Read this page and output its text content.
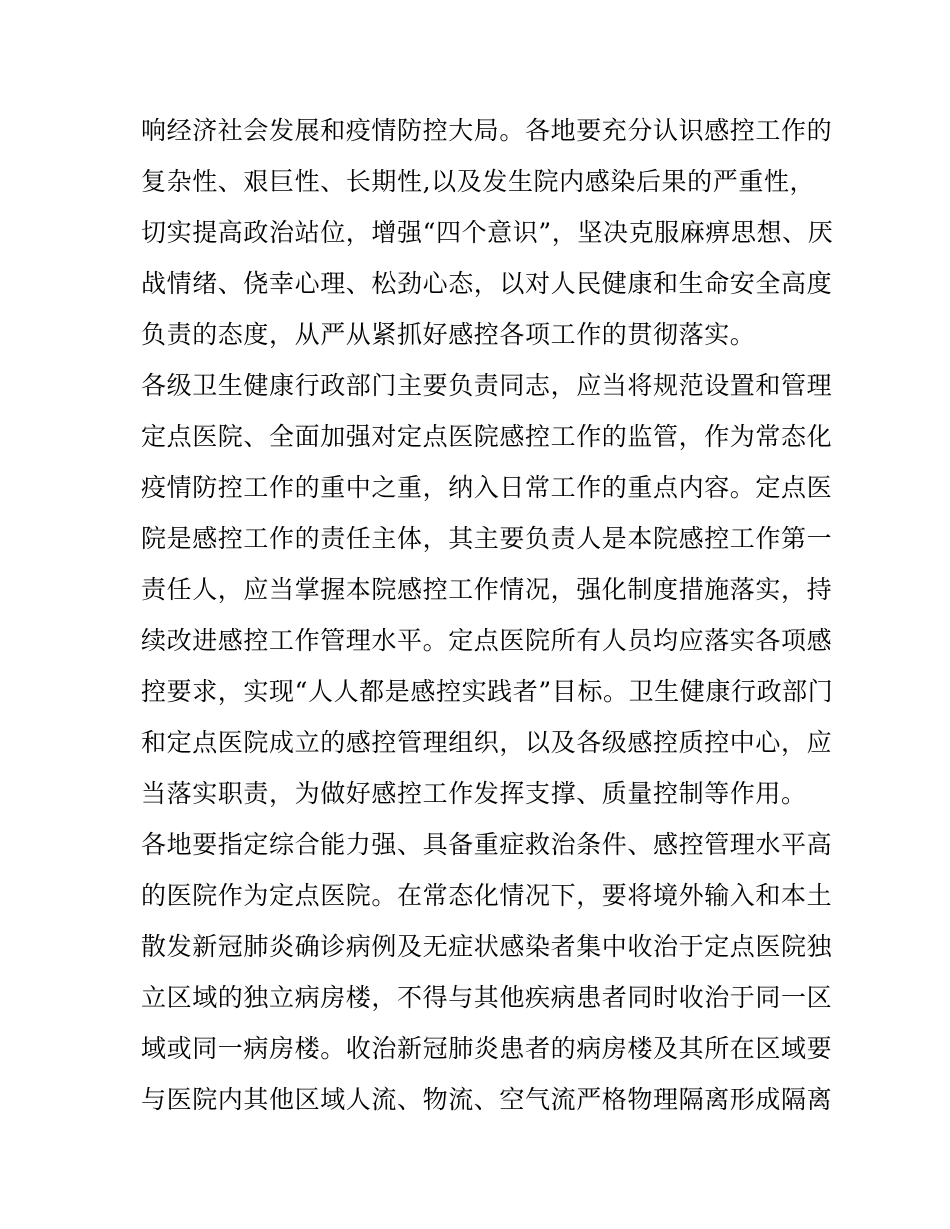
响经济社会发展和疫情防控大局。各地要充分认识感控工作的
复杂性、艰巨性、长期性,以及发生院内感染后果的严重性，
切实提高政治站位，增强“四个意识”，坚决克服麻痹思想、厌
战情绪、侥幸心理、松劲心态，以对人民健康和生命安全高度
负责的态度，从严从紧抓好感控各项工作的贯彻落实。
各级卫生健康行政部门主要负责同志，应当将规范设置和管理
定点医院、全面加强对定点医院感控工作的监管，作为常态化
疫情防控工作的重中之重，纳入日常工作的重点内容。定点医
院是感控工作的责任主体，其主要负责人是本院感控工作第一
责任人，应当掌握本院感控工作情况，强化制度措施落实，持
续改进感控工作管理水平。定点医院所有人员均应落实各项感
控要求，实现“人人都是感控实践者”目标。卫生健康行政部门
和定点医院成立的感控管理组织，以及各级感控质控中心，应
当落实职责，为做好感控工作发挥支撑、质量控制等作用。
各地要指定综合能力强、具备重症救治条件、感控管理水平高
的医院作为定点医院。在常态化情况下，要将境外输入和本土
散发新冠肺炎确诊病例及无症状感染者集中收治于定点医院独
立区域的独立病房楼，不得与其他疾病患者同时收治于同一区
域或同一病房楼。收治新冠肺炎患者的病房楼及其所在区域要
与医院内其他区域人流、物流、空气流严格物理隔离形成隔离
